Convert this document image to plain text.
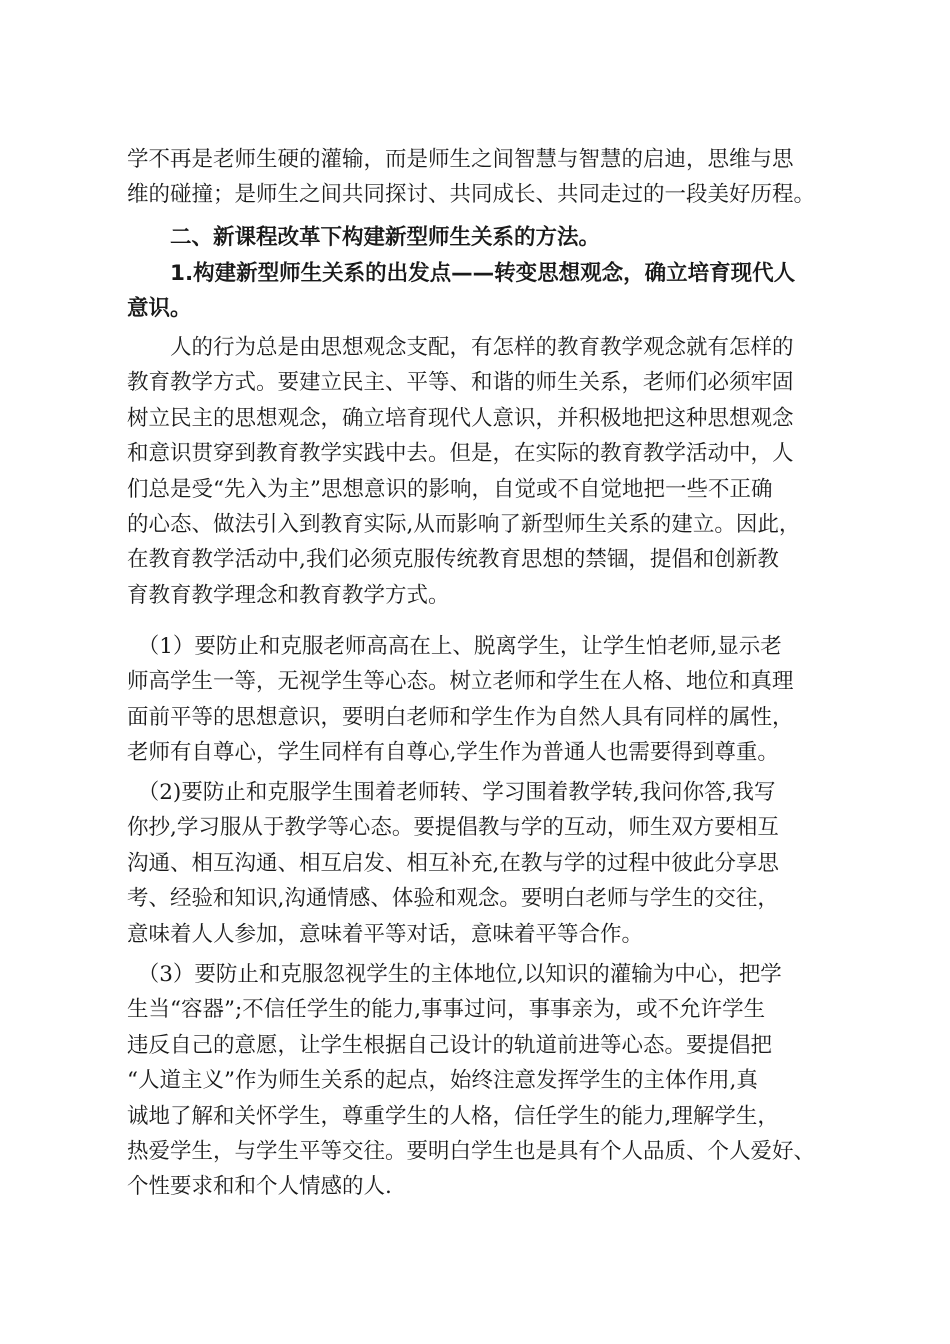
学不再是老师生硬的灌输，而是师生之间智慧与智慧的启迪，思维与思
维的碰撞；是师生之间共同探讨、共同成长、共同走过的一段美好历程。
　　二、新课程改革下构建新型师生关系的方法。
　　1.构建新型师生关系的出发点——转变思想观念，确立培育现代人
意识。
　　人的行为总是由思想观念支配，有怎样的教育教学观念就有怎样的
教育教学方式。要建立民主、平等、和谐的师生关系，老师们必须牢固
树立民主的思想观念，确立培育现代人意识，并积极地把这种思想观念
和意识贯穿到教育教学实践中去。但是，在实际的教育教学活动中，人
们总是受“先入为主”思想意识的影响，自觉或不自觉地把一些不正确
的心态、做法引入到教育实际,从而影响了新型师生关系的建立。因此，
在教育教学活动中,我们必须克服传统教育思想的禁锢，提倡和创新教
育教育教学理念和教育教学方式。
　（1）要防止和克服老师高高在上、脱离学生，让学生怕老师,显示老
师高学生一等，无视学生等心态。树立老师和学生在人格、地位和真理
面前平等的思想意识，要明白老师和学生作为自然人具有同样的属性，
老师有自尊心，学生同样有自尊心,学生作为普通人也需要得到尊重。
　（2)要防止和克服学生围着老师转、学习围着教学转,我问你答,我写
你抄,学习服从于教学等心态。要提倡教与学的互动，师生双方要相互
沟通、相互沟通、相互启发、相互补充,在教与学的过程中彼此分享思
考、经验和知识,沟通情感、体验和观念。要明白老师与学生的交往，
意味着人人参加，意味着平等对话，意味着平等合作。
　（3）要防止和克服忽视学生的主体地位,以知识的灌输为中心，把学
生当“容器”;不信任学生的能力,事事过问，事事亲为，或不允许学生
违反自己的意愿，让学生根据自己设计的轨道前进等心态。要提倡把
“人道主义”作为师生关系的起点，始终注意发挥学生的主体作用,真
诚地了解和关怀学生，尊重学生的人格，信任学生的能力,理解学生，
热爱学生，与学生平等交往。要明白学生也是具有个人品质、个人爱好、
个性要求和和个人情感的人.
